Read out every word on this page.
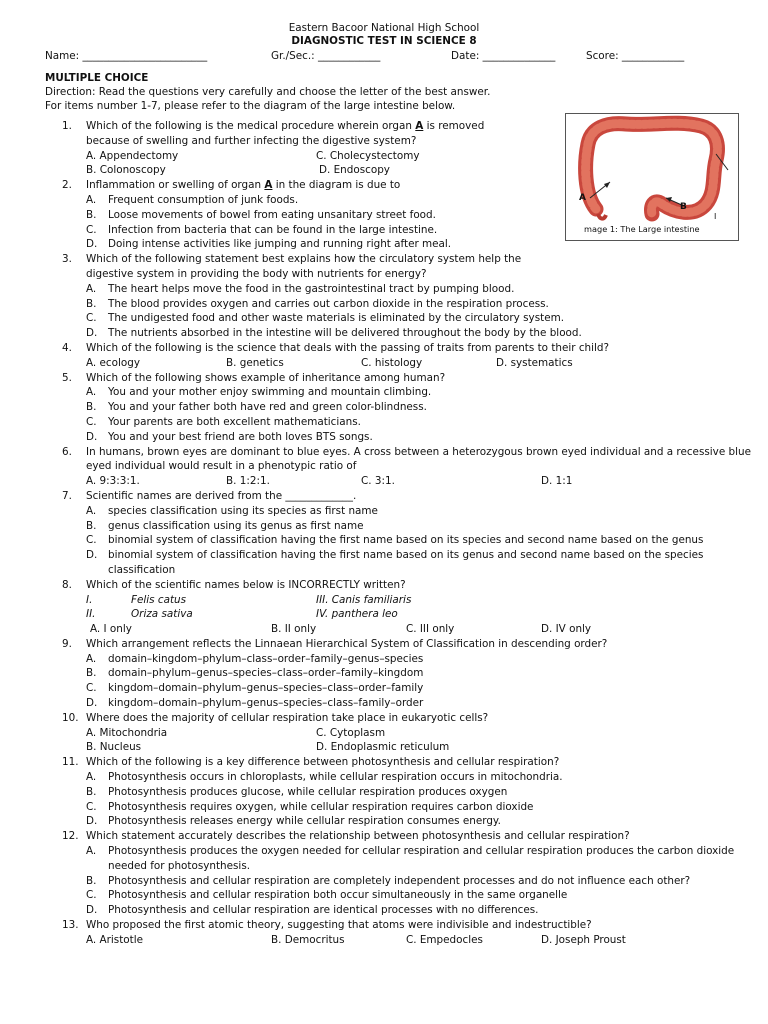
Eastern Bacoor National High School
DIAGNOSTIC TEST IN SCIENCE 8
Name: ________________________	Gr./Sec.: ____________	Date: ______________	Score: ____________
MULTIPLE CHOICE
Direction: Read the questions very carefully and choose the letter of the best answer.
For items number 1-7, please refer to the diagram of the large intestine below.
A
B
I
mage 1: The Large intestine
1. Which of the following is the medical procedure wherein organ A is removed because of swelling and further infecting the digestive system?
A. Appendectomy	C. Cholecystectomy
B. Colonoscopy	D. Endoscopy
2. Inflammation or swelling of organ A in the diagram is due to
A. Frequent consumption of junk foods.
B. Loose movements of bowel from eating unsanitary street food.
C. Infection from bacteria that can be found in the large intestine.
D. Doing intense activities like jumping and running right after meal.
3. Which of the following statement best explains how the circulatory system help the digestive system in providing the body with nutrients for energy?
A. The heart helps move the food in the gastrointestinal tract by pumping blood.
B. The blood provides oxygen and carries out carbon dioxide in the respiration process.
C. The undigested food and other waste materials is eliminated by the circulatory system.
D. The nutrients absorbed in the intestine will be delivered throughout the body by the blood.
4. Which of the following is the science that deals with the passing of traits from parents to their child?
A. ecology	B. genetics	C. histology	D. systematics
5. Which of the following shows example of inheritance among human?
A. You and your mother enjoy swimming and mountain climbing.
B. You and your father both have red and green color-blindness.
C. Your parents are both excellent mathematicians.
D. You and your best friend are both loves BTS songs.
6. In humans, brown eyes are dominant to blue eyes. A cross between a heterozygous brown eyed individual and a recessive blue eyed individual would result in a phenotypic ratio of
A. 9:3:3:1.	B. 1:2:1.	C. 3:1.	D. 1:1
7. Scientific names are derived from the _____________.
A. species classification using its species as first name
B. genus classification using its genus as first name
C. binomial system of classification having the first name based on its species and second name based on the genus
D. binomial system of classification having the first name based on its genus and second name based on the species classification
8. Which of the scientific names below is INCORRECTLY written?
I.	Felis catus	III. Canis familiaris
II.	Oriza sativa	IV. panthera leo
A. I only	B. II only	C. III only	D. IV only
9. Which arrangement reflects the Linnaean Hierarchical System of Classification in descending order?
A. domain–kingdom–phylum–class–order–family–genus–species
B. domain–phylum–genus–species–class–order–family–kingdom
C. kingdom–domain–phylum–genus–species–class–order–family
D. kingdom–domain–phylum–genus–species–class–family–order
10. Where does the majority of cellular respiration take place in eukaryotic cells?
A. Mitochondria	C. Cytoplasm
B. Nucleus	D. Endoplasmic reticulum
11. Which of the following is a key difference between photosynthesis and cellular respiration?
A. Photosynthesis occurs in chloroplasts, while cellular respiration occurs in mitochondria.
B. Photosynthesis produces glucose, while cellular respiration produces oxygen
C. Photosynthesis requires oxygen, while cellular respiration requires carbon dioxide
D. Photosynthesis releases energy while cellular respiration consumes energy.
12. Which statement accurately describes the relationship between photosynthesis and cellular respiration?
A. Photosynthesis produces the oxygen needed for cellular respiration and cellular respiration produces the carbon dioxide needed for photosynthesis.
B. Photosynthesis and cellular respiration are completely independent processes and do not influence each other?
C. Photosynthesis and cellular respiration both occur simultaneously in the same organelle
D. Photosynthesis and cellular respiration are identical processes with no differences.
13. Who proposed the first atomic theory, suggesting that atoms were indivisible and indestructible?
A. Aristotle	B. Democritus	C. Empedocles	D. Joseph Proust
